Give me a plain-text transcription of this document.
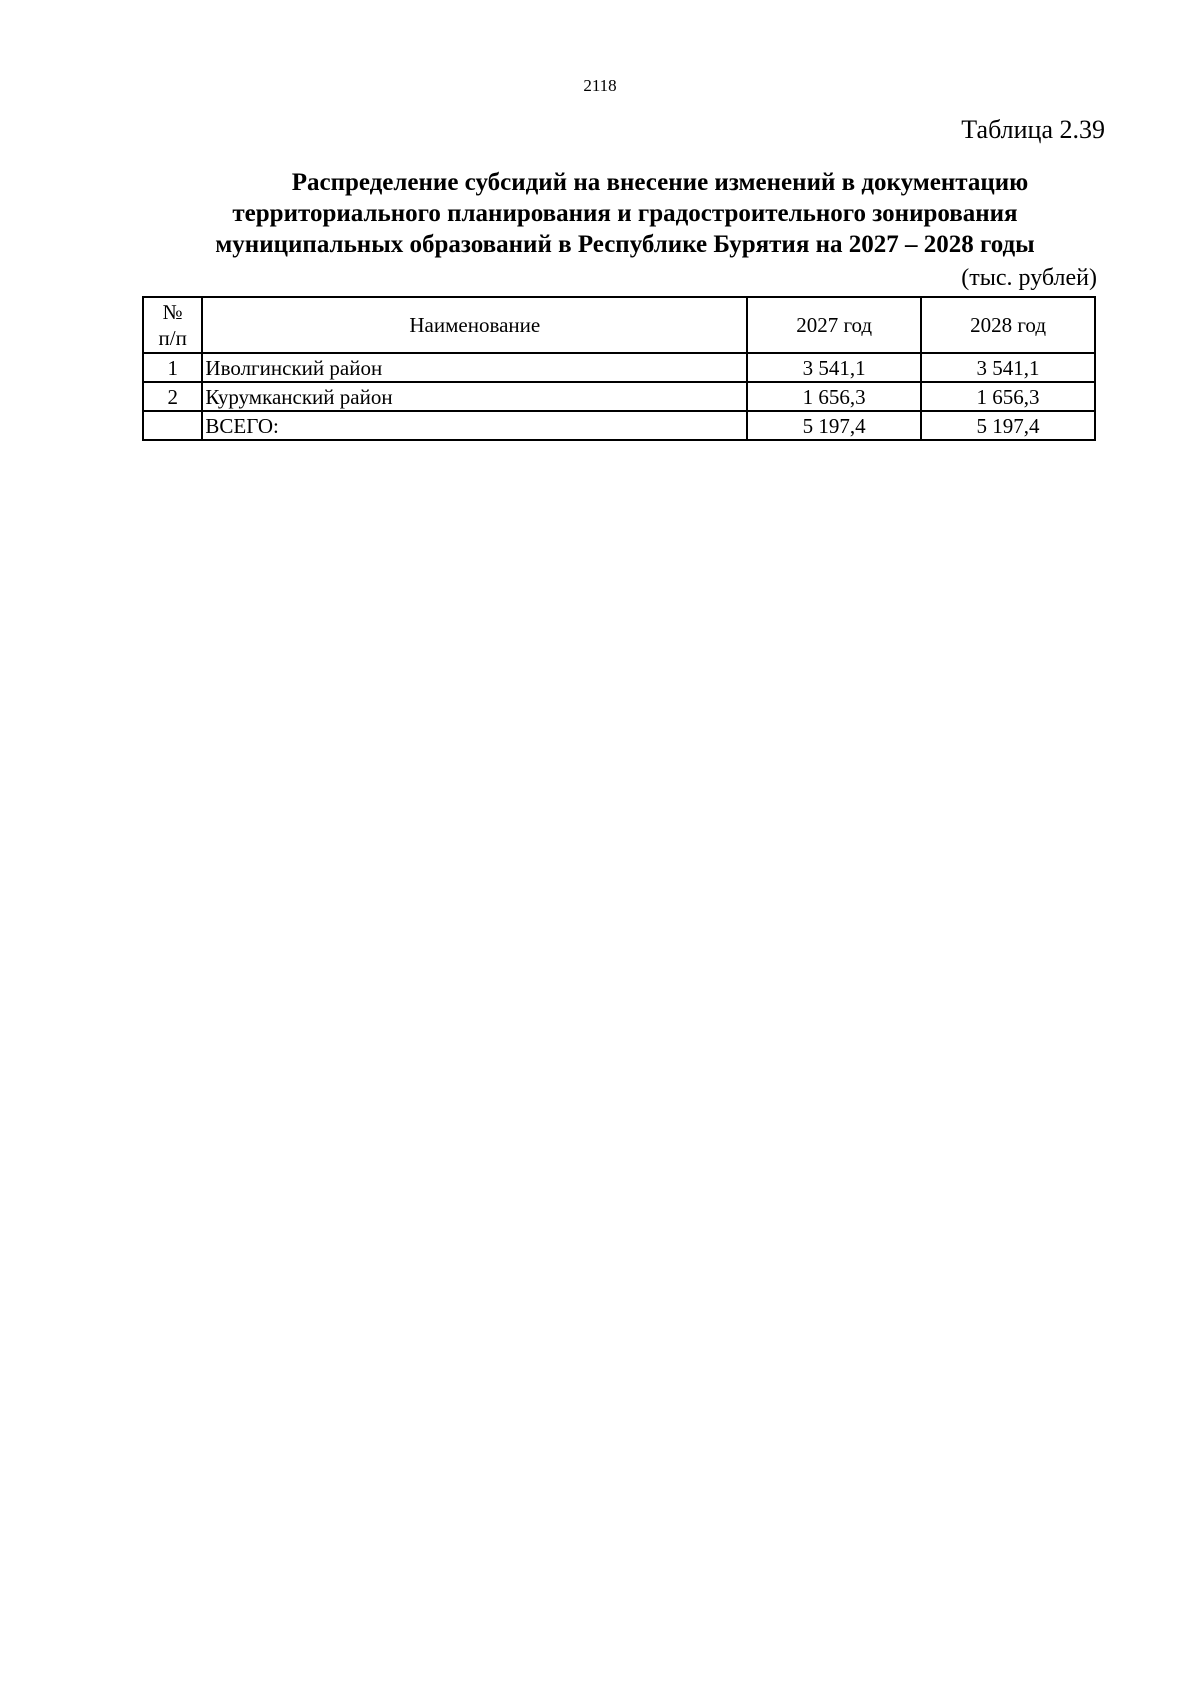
2118
Таблица 2.39
Распределение субсидий на внесение изменений в документацию
территориального планирования и градостроительного зонирования
муниципальных образований в Республике Бурятия на 2027 – 2028 годы
(тыс. рублей)
№
п/п	Наименование	2027 год	2028 год
1	Иволгинский район	3 541,1	3 541,1
2	Курумканский район	1 656,3	1 656,3
	ВСЕГО:	5 197,4	5 197,4
